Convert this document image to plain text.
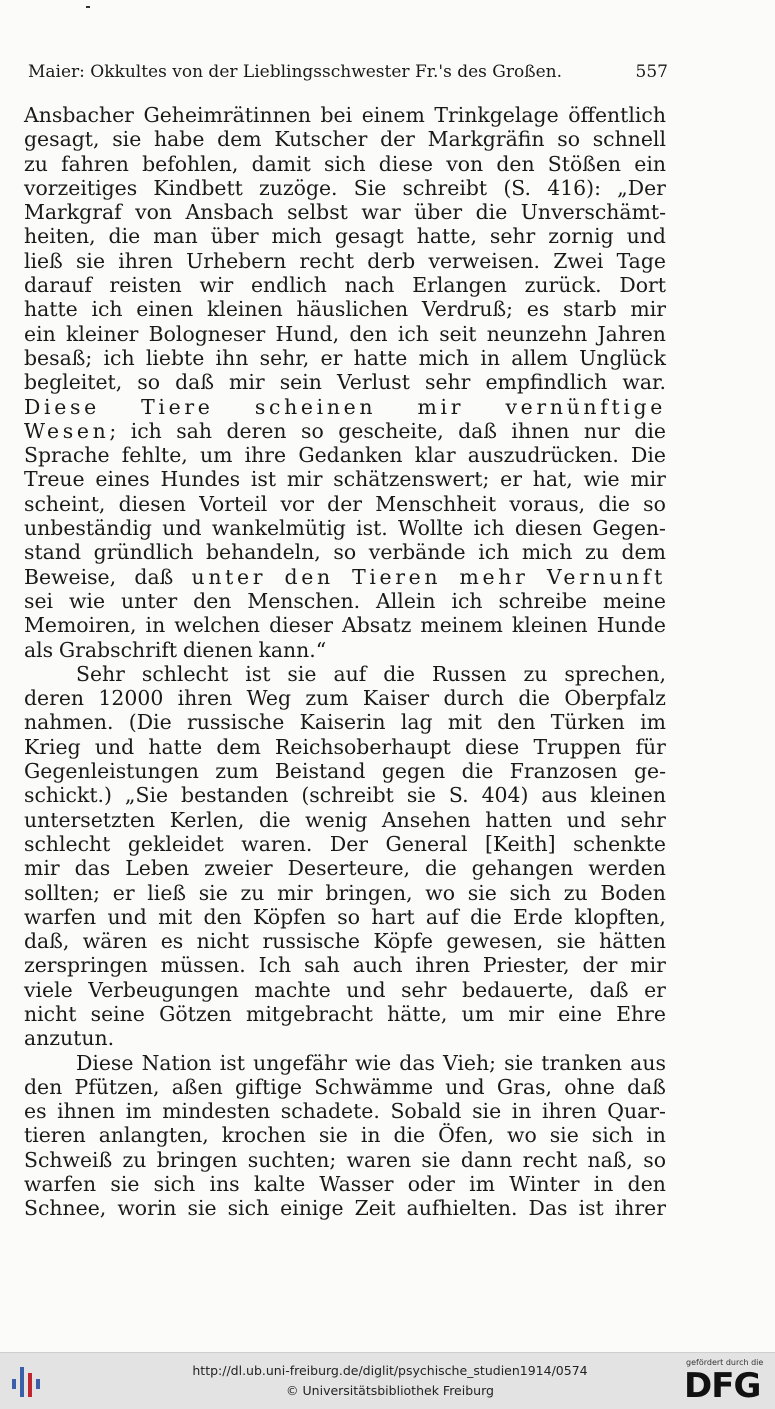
Maier: Okkultes von der Lieblingsschwester Fr.'s des Großen.	557
Ansbacher Geheimrätinnen bei einem Trinkgelage öffentlich
gesagt, sie habe dem Kutscher der Markgräfin so schnell
zu fahren befohlen, damit sich diese von den Stößen ein
vorzeitiges Kindbett zuzöge. Sie schreibt (S. 416): „Der
Markgraf von Ansbach selbst war über die Unverschämt-
heiten, die man über mich gesagt hatte, sehr zornig und
ließ sie ihren Urhebern recht derb verweisen. Zwei Tage
darauf reisten wir endlich nach Erlangen zurück. Dort
hatte ich einen kleinen häuslichen Verdruß; es starb mir
ein kleiner Bologneser Hund, den ich seit neunzehn Jahren
besaß; ich liebte ihn sehr, er hatte mich in allem Unglück
begleitet, so daß mir sein Verlust sehr empfindlich war.
Diese Tiere scheinen mir vernünftige
Wesen; ich sah deren so gescheite, daß ihnen nur die
Sprache fehlte, um ihre Gedanken klar auszudrücken. Die
Treue eines Hundes ist mir schätzenswert; er hat, wie mir
scheint, diesen Vorteil vor der Menschheit voraus, die so
unbeständig und wankelmütig ist. Wollte ich diesen Gegen-
stand gründlich behandeln, so verbände ich mich zu dem
Beweise, daß unter den Tieren mehr Vernunft
sei wie unter den Menschen. Allein ich schreibe meine
Memoiren, in welchen dieser Absatz meinem kleinen Hunde
als Grabschrift dienen kann.“
Sehr schlecht ist sie auf die Russen zu sprechen,
deren 12000 ihren Weg zum Kaiser durch die Oberpfalz
nahmen. (Die russische Kaiserin lag mit den Türken im
Krieg und hatte dem Reichsoberhaupt diese Truppen für
Gegenleistungen zum Beistand gegen die Franzosen ge-
schickt.) „Sie bestanden (schreibt sie S. 404) aus kleinen
untersetzten Kerlen, die wenig Ansehen hatten und sehr
schlecht gekleidet waren. Der General [Keith] schenkte
mir das Leben zweier Deserteure, die gehangen werden
sollten; er ließ sie zu mir bringen, wo sie sich zu Boden
warfen und mit den Köpfen so hart auf die Erde klopften,
daß, wären es nicht russische Köpfe gewesen, sie hätten
zerspringen müssen. Ich sah auch ihren Priester, der mir
viele Verbeugungen machte und sehr bedauerte, daß er
nicht seine Götzen mitgebracht hätte, um mir eine Ehre
anzutun.
Diese Nation ist ungefähr wie das Vieh; sie tranken aus
den Pfützen, aßen giftige Schwämme und Gras, ohne daß
es ihnen im mindesten schadete. Sobald sie in ihren Quar-
tieren anlangten, krochen sie in die Öfen, wo sie sich in
Schweiß zu bringen suchten; waren sie dann recht naß, so
warfen sie sich ins kalte Wasser oder im Winter in den
Schnee, worin sie sich einige Zeit aufhielten. Das ist ihrer
http://dl.ub.uni-freiburg.de/diglit/psychische_studien1914/0574
© Universitätsbibliothek Freiburg
gefördert durch die
DFG
